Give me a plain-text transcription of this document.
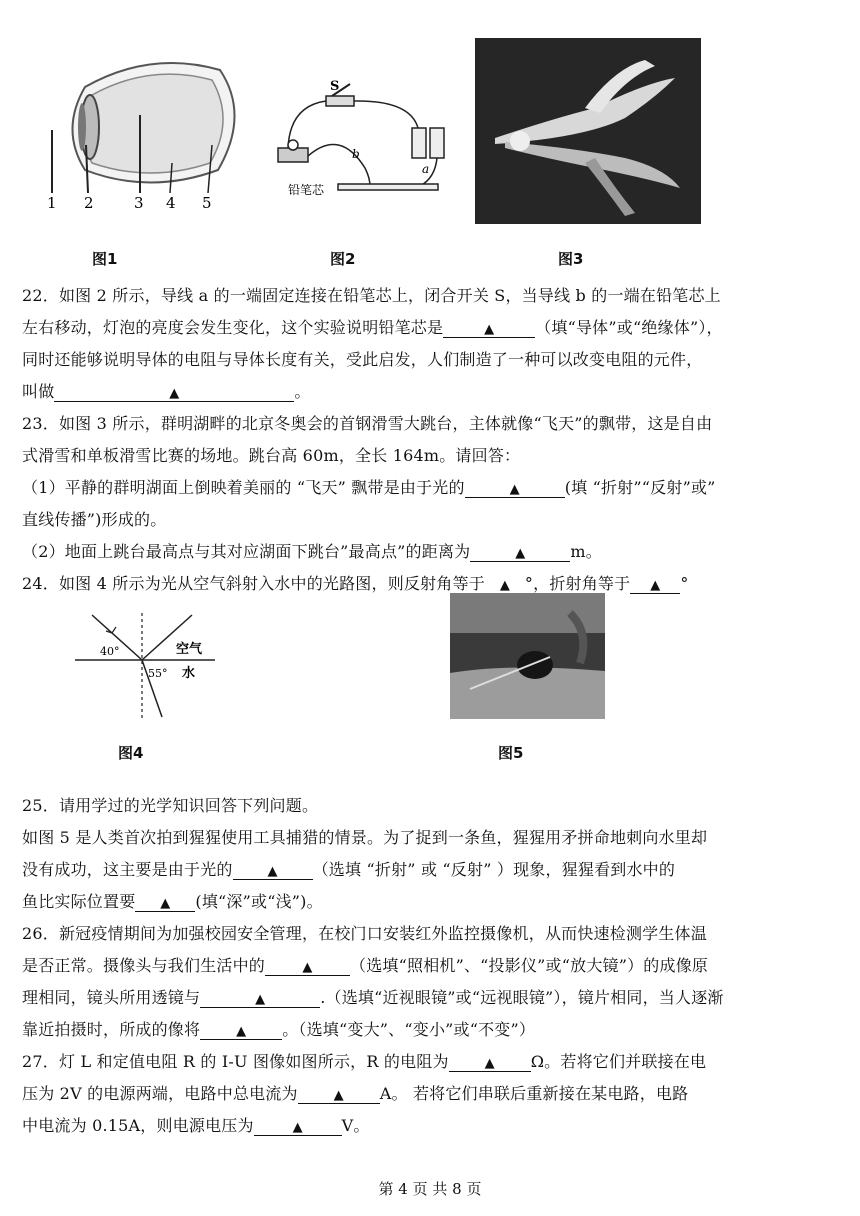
1 2	3 4 5
图1
S
b
a
铅笔芯
图2	图3
22．如图 2 所示，导线 a 的一端固定连接在铅笔芯上，闭合开关 S，当导线 b 的一端在铅笔芯上
左右移动，灯泡的亮度会发生变化，这个实验说明铅笔芯是	▲	（填“导体”或“绝缘体”），
同时还能够说明导体的电阻与导体长度有关，受此启发，人们制造了一种可以改变电阻的元件，
叫做	▲	。
23．如图 3 所示，群明湖畔的北京冬奥会的首钢滑雪大跳台，主体就像“飞天”的飘带，这是自由
式滑雪和单板滑雪比赛的场地。跳台高 60m，全长 164m。请回答：
（1）平静的群明湖面上倒映着美丽的 “飞天” 飘带是由于光的	▲	(填 “折射”“反射”或”
直线传播”)形成的。
（2）地面上跳台最高点与其对应湖面下跳台”最高点”的距离为	▲	m。
24．如图 4 所示为光从空气斜射入水中的光路图，则反射角等于 ▲ °，折射角等于 ▲ °
40°
55°
空气
水
图4	图5
25．请用学过的光学知识回答下列问题。
如图 5 是人类首次拍到猩猩使用工具捕猎的情景。为了捉到一条鱼，猩猩用矛拼命地刺向水里却
没有成功，这主要是由于光的	▲ （选填 “折射” 或 “反射” ）现象，猩猩看到水中的
鱼比实际位置要 ▲ (填“深”或“浅”)。
26．新冠疫情期间为加强校园安全管理，在校门口安装红外监控摄像机，从而快速检测学生体温
是否正常。摄像头与我们生活中的	▲ （选填“照相机”、“投影仪”或“放大镜”）的成像原
理相同，镜头所用透镜与	▲	.（选填“近视眼镜”或“远视眼镜”），镜片相同，当人逐渐
靠近拍摄时，所成的像将	▲ 。（选填“变大”、“变小”或“不变”）
27．灯 L 和定值电阻 R 的 I-U 图像如图所示，R 的电阻为	▲ Ω。若将它们并联接在电
压为 2V 的电源两端，电路中总电流为	▲ A。 若将它们串联后重新接在某电路，电路
中电流为 0.15A，则电源电压为	▲ V。
第 4 页 共 8 页
